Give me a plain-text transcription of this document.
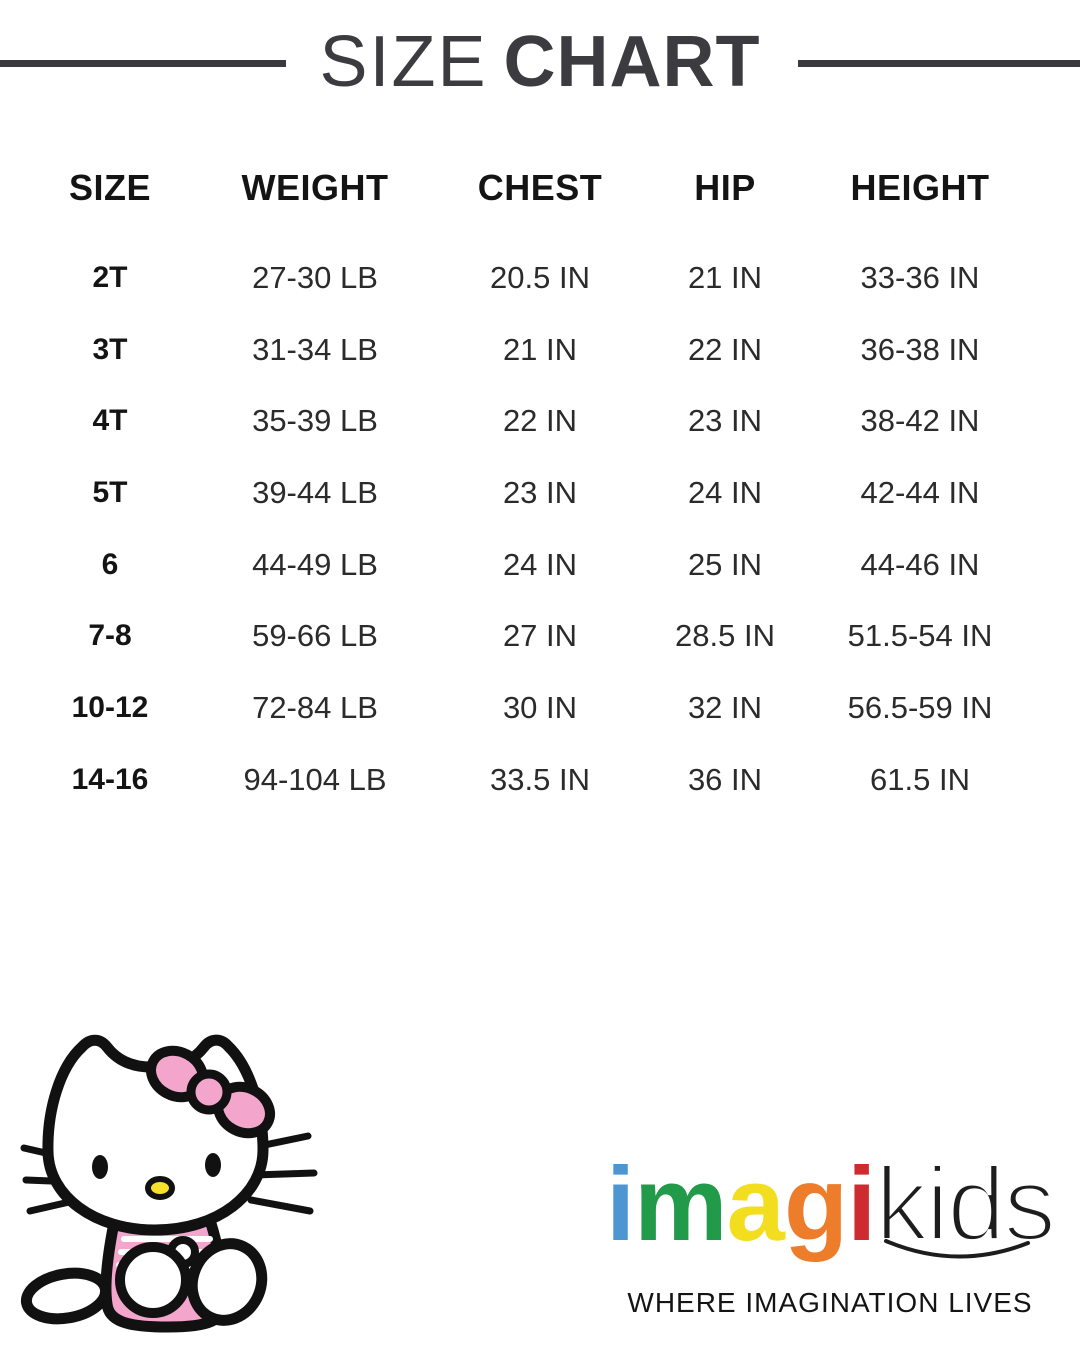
SIZE CHART
SIZE	WEIGHT	CHEST	HIP	HEIGHT
2T	27-30 LB	20.5 IN	21 IN	33-36 IN
3T	31-34 LB	21 IN	22 IN	36-38 IN
4T	35-39 LB	22 IN	23 IN	38-42 IN
5T	39-44 LB	23 IN	24 IN	42-44 IN
6	44-49 LB	24 IN	25 IN	44-46 IN
7-8	59-66 LB	27 IN	28.5 IN	51.5-54 IN
10-12	72-84 LB	30 IN	32 IN	56.5-59 IN
14-16	94-104 LB	33.5 IN	36 IN	61.5 IN
imagikids
WHERE IMAGINATION LIVES
